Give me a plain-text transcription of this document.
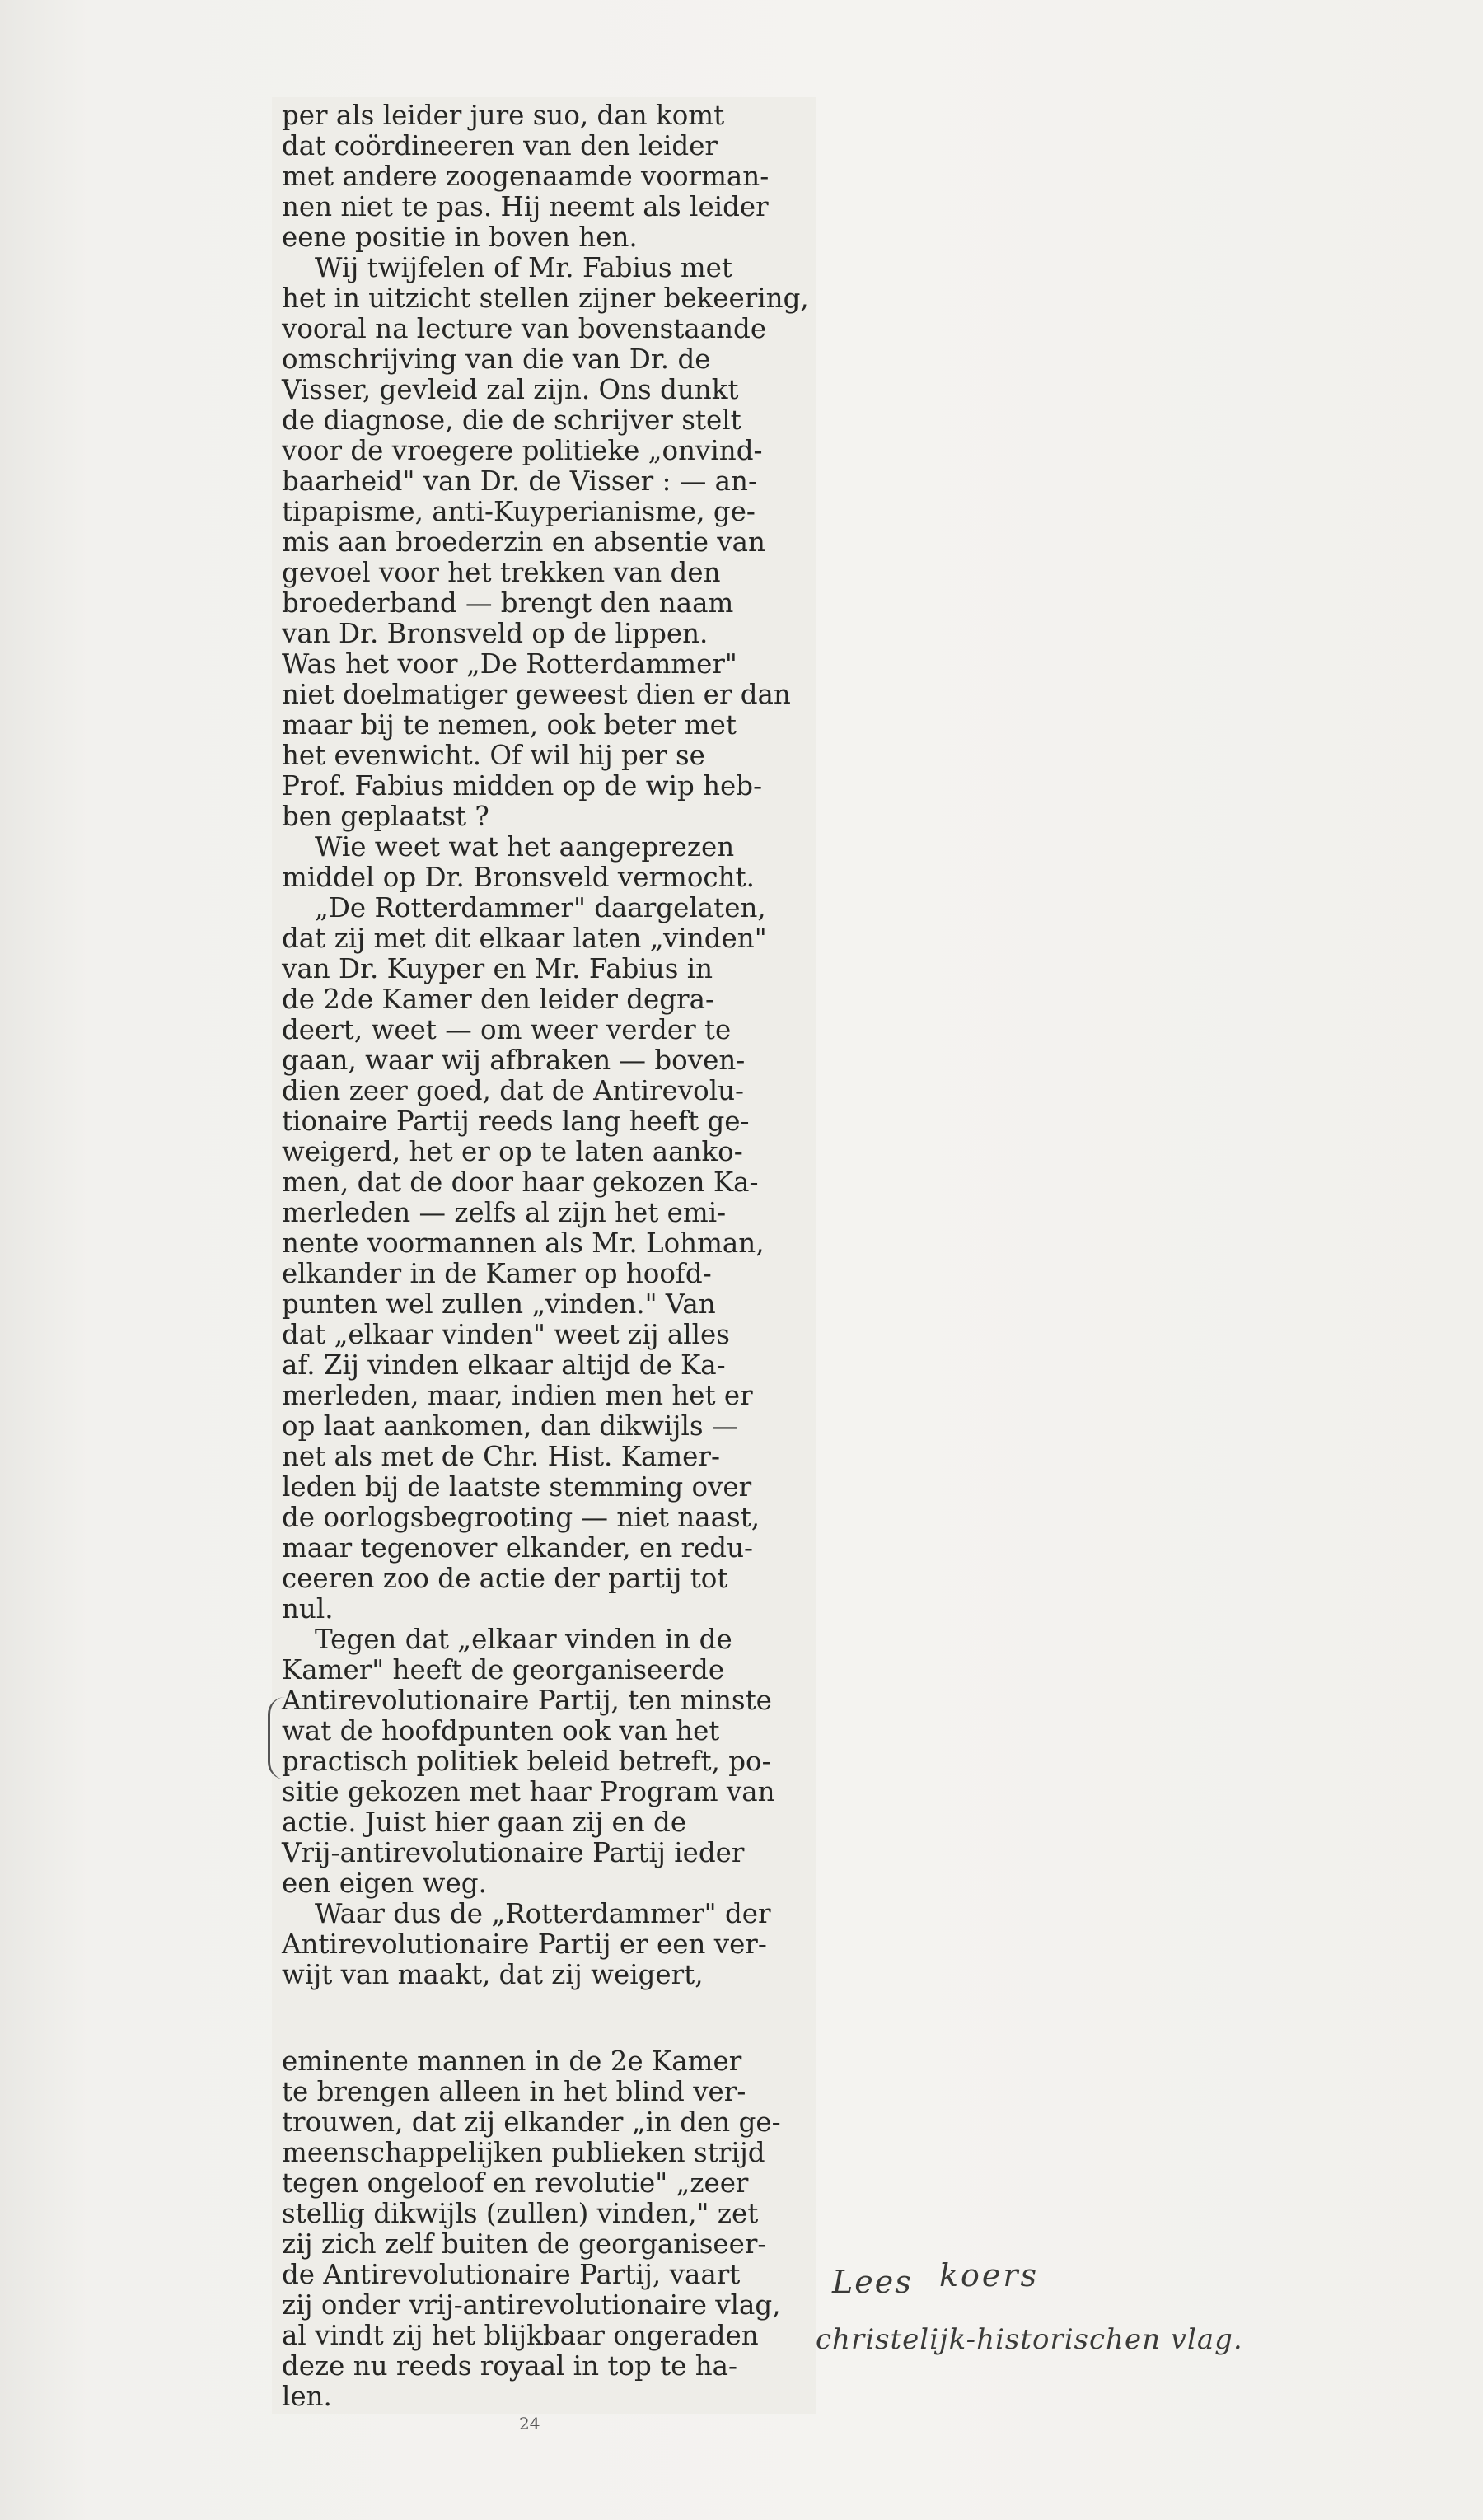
per als leider jure suo, dan komt
dat coördineeren van den leider
met andere zoogenaamde voorman-
nen niet te pas. Hij neemt als leider
eene positie in boven hen.

Wij twijfelen of Mr. Fabius met
het in uitzicht stellen zijner bekeering,
vooral na lecture van bovenstaande
omschrijving van die van Dr. de
Visser, gevleid zal zijn. Ons dunkt
de diagnose, die de schrijver stelt
voor de vroegere politieke „onvind-
baarheid" van Dr. de Visser : — an-
tipapisme, anti-Kuyperianisme, ge-
mis aan broederzin en absentie van
gevoel voor het trekken van den
broederband — brengt den naam
van Dr. Bronsveld op de lippen.
Was het voor „De Rotterdammer"
niet doelmatiger geweest dien er dan
maar bij te nemen, ook beter met
het evenwicht. Of wil hij per se
Prof. Fabius midden op de wip heb-
ben geplaatst ?

Wie weet wat het aangeprezen
middel op Dr. Bronsveld vermocht.

„De Rotterdammer" daargelaten,
dat zij met dit elkaar laten „vinden"
van Dr. Kuyper en Mr. Fabius in
de 2de Kamer den leider degra-
deert, weet — om weer verder te
gaan, waar wij afbraken — boven-
dien zeer goed, dat de Antirevolu-
tionaire Partij reeds lang heeft ge-
weigerd, het er op te laten aanko-
men, dat de door haar gekozen Ka-
merleden — zelfs al zijn het emi-
nente voormannen als Mr. Lohman,
elkander in de Kamer op hoofd-
punten wel zullen „vinden." Van
dat „elkaar vinden" weet zij alles
af. Zij vinden elkaar altijd de Ka-
merleden, maar, indien men het er
op laat aankomen, dan dikwijls —
net als met de Chr. Hist. Kamer-
leden bij de laatste stemming over
de oorlogsbegrooting — niet naast,
maar tegenover elkander, en redu-
ceeren zoo de actie der partij tot
nul.

Tegen dat „elkaar vinden in de
Kamer" heeft de georganiseerde
Antirevolutionaire Partij, ten minste
wat de hoofdpunten ook van het
practisch politiek beleid betreft, po-
sitie gekozen met haar Program van
actie. Juist hier gaan zij en de
Vrij-antirevolutionaire Partij ieder
een eigen weg.

Waar dus de „Rotterdammer" der
Antirevolutionaire Partij er een ver-
wijt van maakt, dat zij weigert,

eminente mannen in de 2e Kamer
te brengen alleen in het blind ver-
trouwen, dat zij elkander „in den ge-
meenschappelijken publieken strijd
tegen ongeloof en revolutie" „zeer
stellig dikwijls (zullen) vinden," zet
zij zich zelf buiten de georganiseer-
de Antirevolutionaire Partij, vaart
zij onder vrij-antirevolutionaire vlag,
al vindt zij het blijkbaar ongeraden
deze nu reeds royaal in top te ha-
len.

Lees koers
christelijk-historischen vlag.
24
